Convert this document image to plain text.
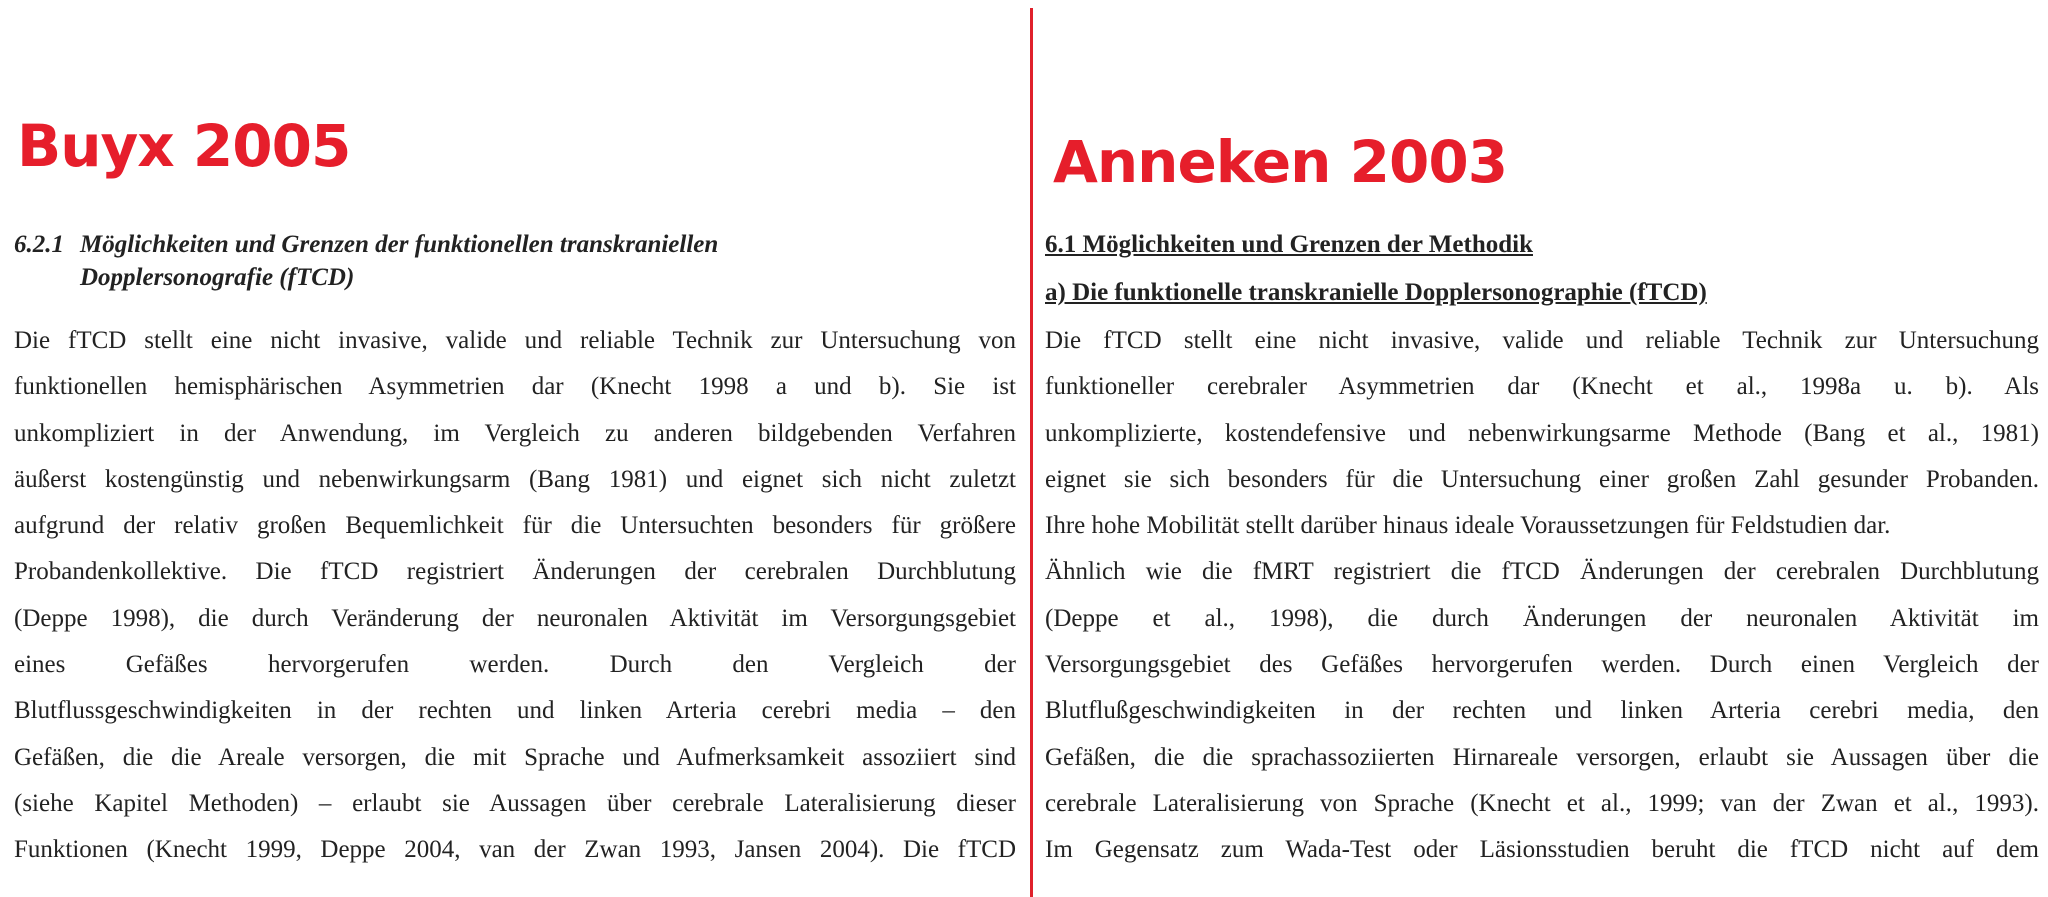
Buyx 2005
6.2.1 Möglichkeiten und Grenzen der funktionellen transkraniellen
Dopplersonografie (fTCD)
Die fTCD stellt eine nicht invasive, valide und reliable Technik zur Untersuchung von
funktionellen hemisphärischen Asymmetrien dar (Knecht 1998 a und b). Sie ist
unkompliziert in der Anwendung, im Vergleich zu anderen bildgebenden Verfahren
äußerst kostengünstig und nebenwirkungsarm (Bang 1981) und eignet sich nicht zuletzt
aufgrund der relativ großen Bequemlichkeit für die Untersuchten besonders für größere
Probandenkollektive. Die fTCD registriert Änderungen der cerebralen Durchblutung
(Deppe 1998), die durch Veränderung der neuronalen Aktivität im Versorgungsgebiet
eines Gefäßes hervorgerufen werden. Durch den Vergleich der
Blutflussgeschwindigkeiten in der rechten und linken Arteria cerebri media – den
Gefäßen, die die Areale versorgen, die mit Sprache und Aufmerksamkeit assoziiert sind
(siehe Kapitel Methoden) – erlaubt sie Aussagen über cerebrale Lateralisierung dieser
Funktionen (Knecht 1999, Deppe 2004, van der Zwan 1993, Jansen 2004). Die fTCD
Anneken 2003
6.1 Möglichkeiten und Grenzen der Methodik
a) Die funktionelle transkranielle Dopplersonographie (fTCD)
Die fTCD stellt eine nicht invasive, valide und reliable Technik zur Untersuchung
funktioneller cerebraler Asymmetrien dar (Knecht et al., 1998a u. b). Als
unkomplizierte, kostendefensive und nebenwirkungsarme Methode (Bang et al., 1981)
eignet sie sich besonders für die Untersuchung einer großen Zahl gesunder Probanden.
Ihre hohe Mobilität stellt darüber hinaus ideale Voraussetzungen für Feldstudien dar.
Ähnlich wie die fMRT registriert die fTCD Änderungen der cerebralen Durchblutung
(Deppe et al., 1998), die durch Änderungen der neuronalen Aktivität im
Versorgungsgebiet des Gefäßes hervorgerufen werden. Durch einen Vergleich der
Blutflußgeschwindigkeiten in der rechten und linken Arteria cerebri media, den
Gefäßen, die die sprachassoziierten Hirnareale versorgen, erlaubt sie Aussagen über die
cerebrale Lateralisierung von Sprache (Knecht et al., 1999; van der Zwan et al., 1993).
Im Gegensatz zum Wada-Test oder Läsionsstudien beruht die fTCD nicht auf dem
